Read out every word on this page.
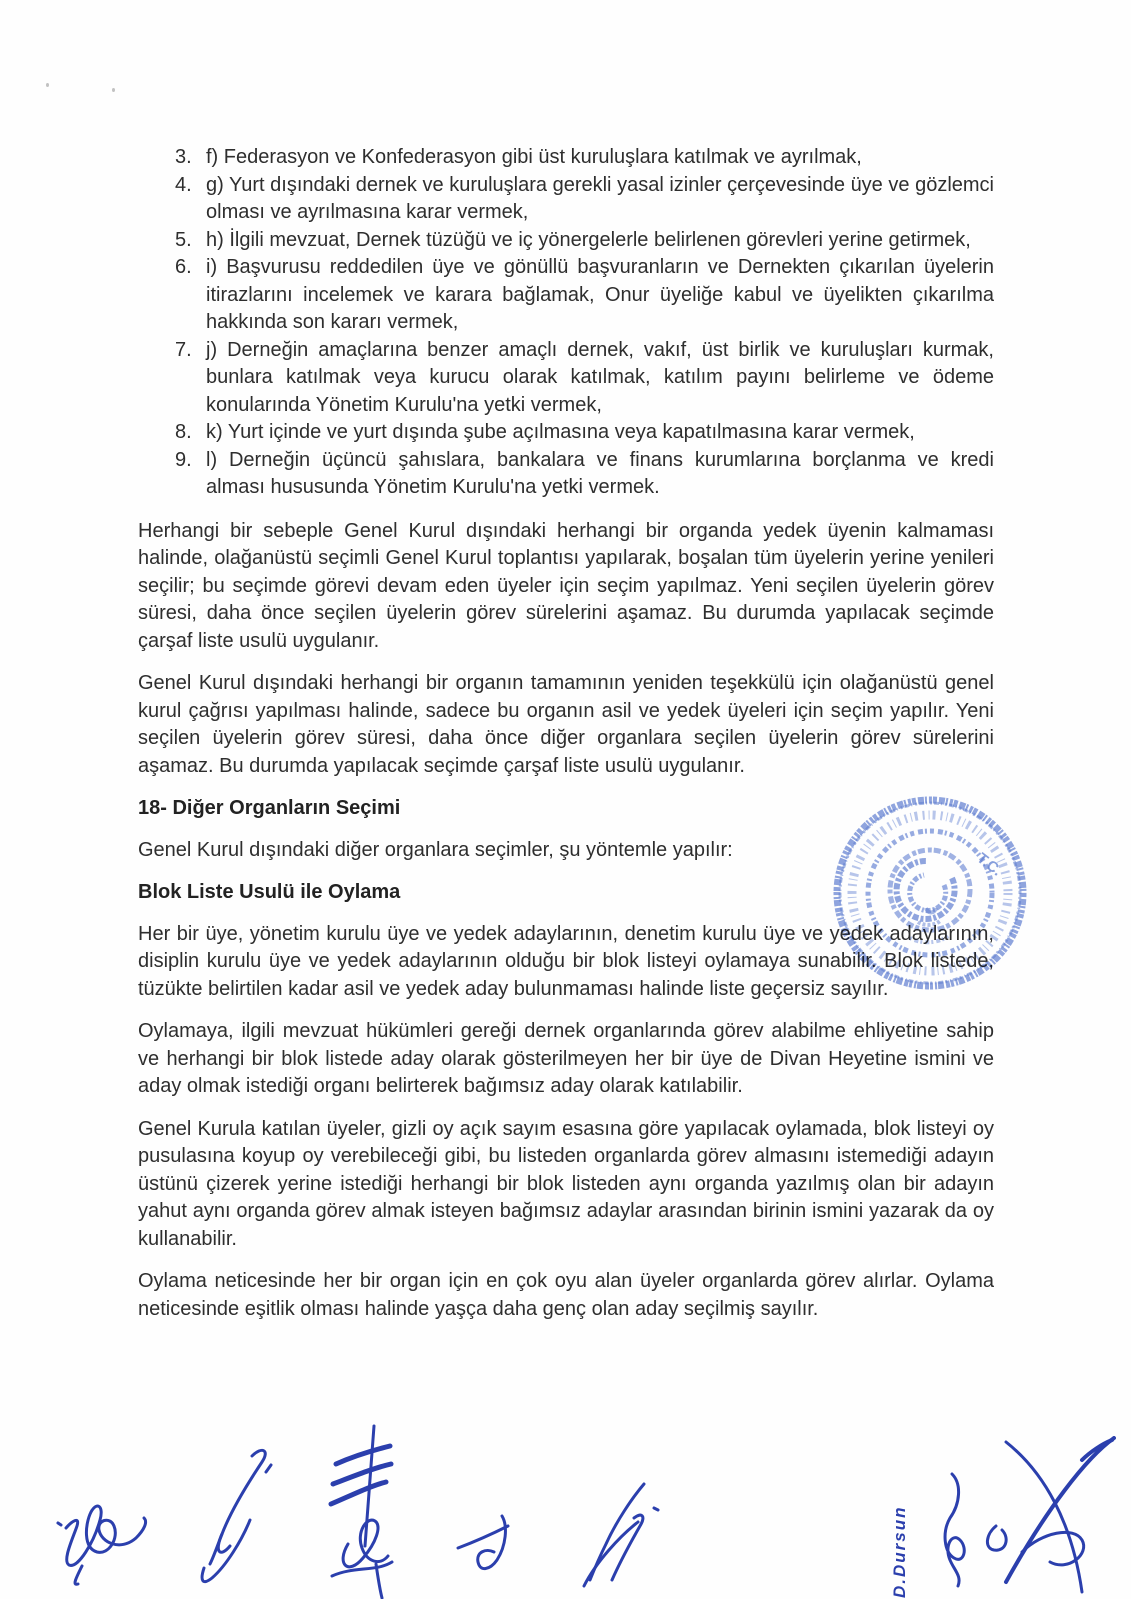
3. f) Federasyon ve Konfederasyon gibi üst kuruluşlara katılmak ve ayrılmak,
4. g) Yurt dışındaki dernek ve kuruluşlara gerekli yasal izinler çerçevesinde üye ve gözlemci olması ve ayrılmasına karar vermek,
5. h) İlgili mevzuat, Dernek tüzüğü ve iç yönergelerle belirlenen görevleri yerine getirmek,
6. i) Başvurusu reddedilen üye ve gönüllü başvuranların ve Dernekten çıkarılan üyelerin itirazlarını incelemek ve karara bağlamak, Onur üyeliğe kabul ve üyelikten çıkarılma hakkında son kararı vermek,
7. j) Derneğin amaçlarına benzer amaçlı dernek, vakıf, üst birlik ve kuruluşları kurmak, bunlara katılmak veya kurucu olarak katılmak, katılım payını belirleme ve ödeme konularında Yönetim Kurulu'na yetki vermek,
8. k) Yurt içinde ve yurt dışında şube açılmasına veya kapatılmasına karar vermek,
9. l) Derneğin üçüncü şahıslara, bankalara ve finans kurumlarına borçlanma ve kredi alması hususunda Yönetim Kurulu'na yetki vermek.

Herhangi bir sebeple Genel Kurul dışındaki herhangi bir organda yedek üyenin kalmaması halinde, olağanüstü seçimli Genel Kurul toplantısı yapılarak, boşalan tüm üyelerin yerine yenileri seçilir; bu seçimde görevi devam eden üyeler için seçim yapılmaz. Yeni seçilen üyelerin görev süresi, daha önce seçilen üyelerin görev sürelerini aşamaz. Bu durumda yapılacak seçimde çarşaf liste usulü uygulanır.

Genel Kurul dışındaki herhangi bir organın tamamının yeniden teşekkülü için olağanüstü genel kurul çağrısı yapılması halinde, sadece bu organın asil ve yedek üyeleri için seçim yapılır. Yeni seçilen üyelerin görev süresi, daha önce diğer organlara seçilen üyelerin görev sürelerini aşamaz. Bu durumda yapılacak seçimde çarşaf liste usulü uygulanır.

18- Diğer Organların Seçimi

Genel Kurul dışındaki diğer organlara seçimler, şu yöntemle yapılır:

Blok Liste Usulü ile Oylama

Her bir üye, yönetim kurulu üye ve yedek adaylarının, denetim kurulu üye ve yedek adaylarının, disiplin kurulu üye ve yedek adaylarının olduğu bir blok listeyi oylamaya sunabilir. Blok listede, tüzükte belirtilen kadar asil ve yedek aday bulunmaması halinde liste geçersiz sayılır.

Oylamaya, ilgili mevzuat hükümleri gereği dernek organlarında görev alabilme ehliyetine sahip ve herhangi bir blok listede aday olarak gösterilmeyen her bir üye de Divan Heyetine ismini ve aday olmak istediği organı belirterek bağımsız aday olarak katılabilir.

Genel Kurula katılan üyeler, gizli oy açık sayım esasına göre yapılacak oylamada, blok listeyi oy pusulasına koyup oy verebileceği gibi, bu listeden organlarda görev almasını istemediği adayın üstünü çizerek yerine istediği herhangi bir blok listeden aynı organda yazılmış olan bir adayın yahut aynı organda görev almak isteyen bağımsız adaylar arasından birinin ismini yazarak da oy kullanabilir.

Oylama neticesinde her bir organ için en çok oyu alan üyeler organlarda görev alırlar. Oylama neticesinde eşitlik olması halinde yaşça daha genç olan aday seçilmiş sayılır.

T.C.
D.Dursun
